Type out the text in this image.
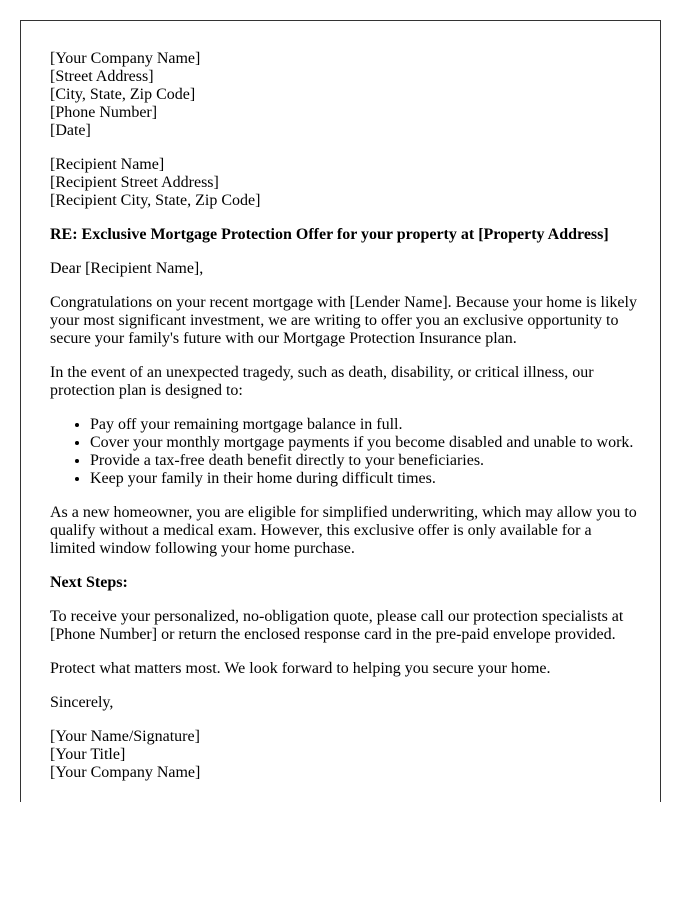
[Your Company Name]
[Street Address]
[City, State, Zip Code]
[Phone Number]
[Date]

[Recipient Name]
[Recipient Street Address]
[Recipient City, State, Zip Code]

RE: Exclusive Mortgage Protection Offer for your property at [Property Address]

Dear [Recipient Name],

Congratulations on your recent mortgage with [Lender Name]. Because your home is likely your most significant investment, we are writing to offer you an exclusive opportunity to secure your family's future with our Mortgage Protection Insurance plan.

In the event of an unexpected tragedy, such as death, disability, or critical illness, our protection plan is designed to:

• Pay off your remaining mortgage balance in full.
• Cover your monthly mortgage payments if you become disabled and unable to work.
• Provide a tax-free death benefit directly to your beneficiaries.
• Keep your family in their home during difficult times.

As a new homeowner, you are eligible for simplified underwriting, which may allow you to qualify without a medical exam. However, this exclusive offer is only available for a limited window following your home purchase.

Next Steps:

To receive your personalized, no-obligation quote, please call our protection specialists at [Phone Number] or return the enclosed response card in the pre-paid envelope provided.

Protect what matters most. We look forward to helping you secure your home.

Sincerely,

[Your Name/Signature]
[Your Title]
[Your Company Name]
